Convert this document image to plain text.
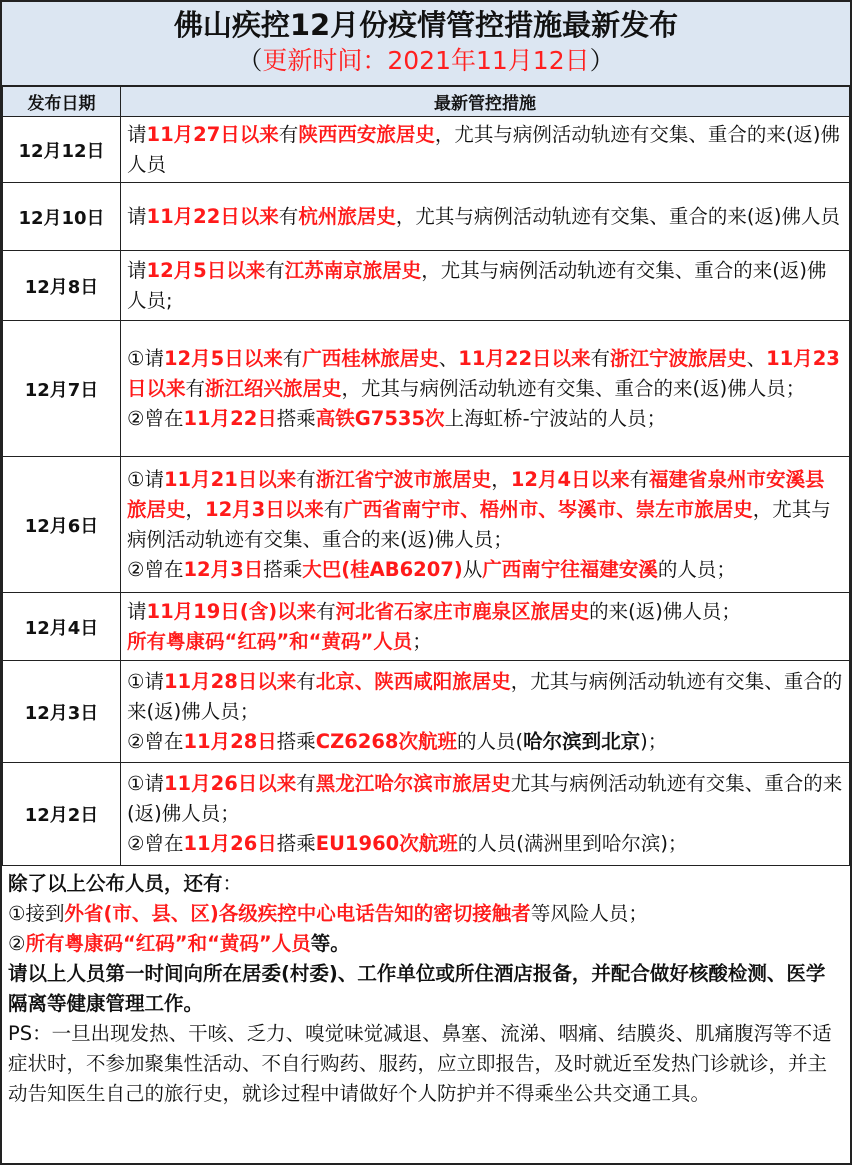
佛山疾控12月份疫情管控措施最新发布
（更新时间：2021年11月12日）
发布日期	最新管控措施
12月12日	请11月27日以来有陕西西安旅居史，尤其与病例活动轨迹有交集、重合的来(返)佛人员
12月10日	请11月22日以来有杭州旅居史，尤其与病例活动轨迹有交集、重合的来(返)佛人员
12月8日	请12月5日以来有江苏南京旅居史，尤其与病例活动轨迹有交集、重合的来(返)佛人员;
12月7日	①请12月5日以来有广西桂林旅居史、11月22日以来有浙江宁波旅居史、11月23日以来有浙江绍兴旅居史，尤其与病例活动轨迹有交集、重合的来(返)佛人员；
②曾在11月22日搭乘高铁G7535次上海虹桥-宁波站的人员；
12月6日	①请11月21日以来有浙江省宁波市旅居史，12月4日以来有福建省泉州市安溪县旅居史，12月3日以来有广西省南宁市、梧州市、岑溪市、崇左市旅居史，尤其与病例活动轨迹有交集、重合的来(返)佛人员；
②曾在12月3日搭乘大巴(桂AB6207)从广西南宁往福建安溪的人员；
12月4日	请11月19日(含)以来有河北省石家庄市鹿泉区旅居史的来(返)佛人员；
所有粤康码“红码”和“黄码”人员；
12月3日	①请11月28日以来有北京、陕西咸阳旅居史，尤其与病例活动轨迹有交集、重合的来(返)佛人员；
②曾在11月28日搭乘CZ6268次航班的人员(哈尔滨到北京)；
12月2日	①请11月26日以来有黑龙江哈尔滨市旅居史尤其与病例活动轨迹有交集、重合的来(返)佛人员；
②曾在11月26日搭乘EU1960次航班的人员(满洲里到哈尔滨)；
除了以上公布人员，还有：
①接到外省(市、县、区)各级疾控中心电话告知的密切接触者等风险人员；
②所有粤康码“红码”和“黄码”人员等。
请以上人员第一时间向所在居委(村委)、工作单位或所住酒店报备，并配合做好核酸检测、医学隔离等健康管理工作。
PS：一旦出现发热、干咳、乏力、嗅觉味觉减退、鼻塞、流涕、咽痛、结膜炎、肌痛腹泻等不适症状时，不参加聚集性活动、不自行购药、服药，应立即报告，及时就近至发热门诊就诊，并主动告知医生自己的旅行史，就诊过程中请做好个人防护并不得乘坐公共交通工具。
